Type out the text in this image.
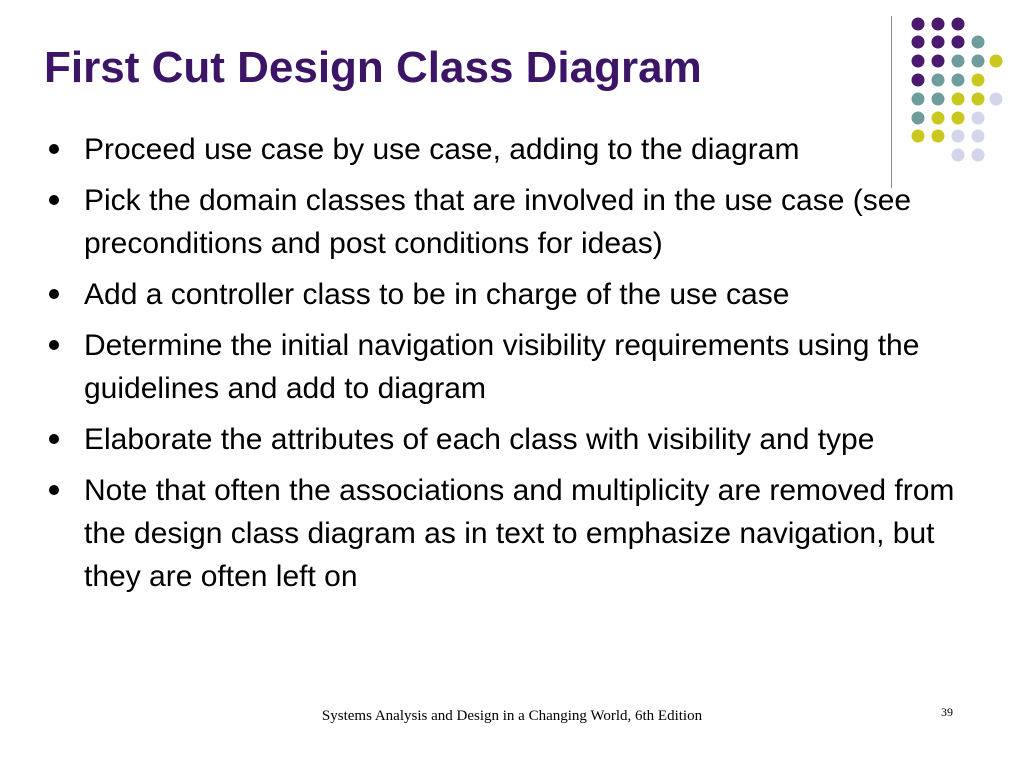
First Cut Design Class Diagram
Proceed use case by use case, adding to the diagram
Pick the domain classes that are involved in the use case (see preconditions and post conditions for ideas)
Add a controller class to be in charge of the use case
Determine the initial navigation visibility requirements using the guidelines and add to diagram
Elaborate the attributes of each class with visibility and type
Note that often the associations and multiplicity are removed from the design class diagram as in text to emphasize navigation, but they are often left on
Systems Analysis and Design in a Changing World, 6th Edition	39
